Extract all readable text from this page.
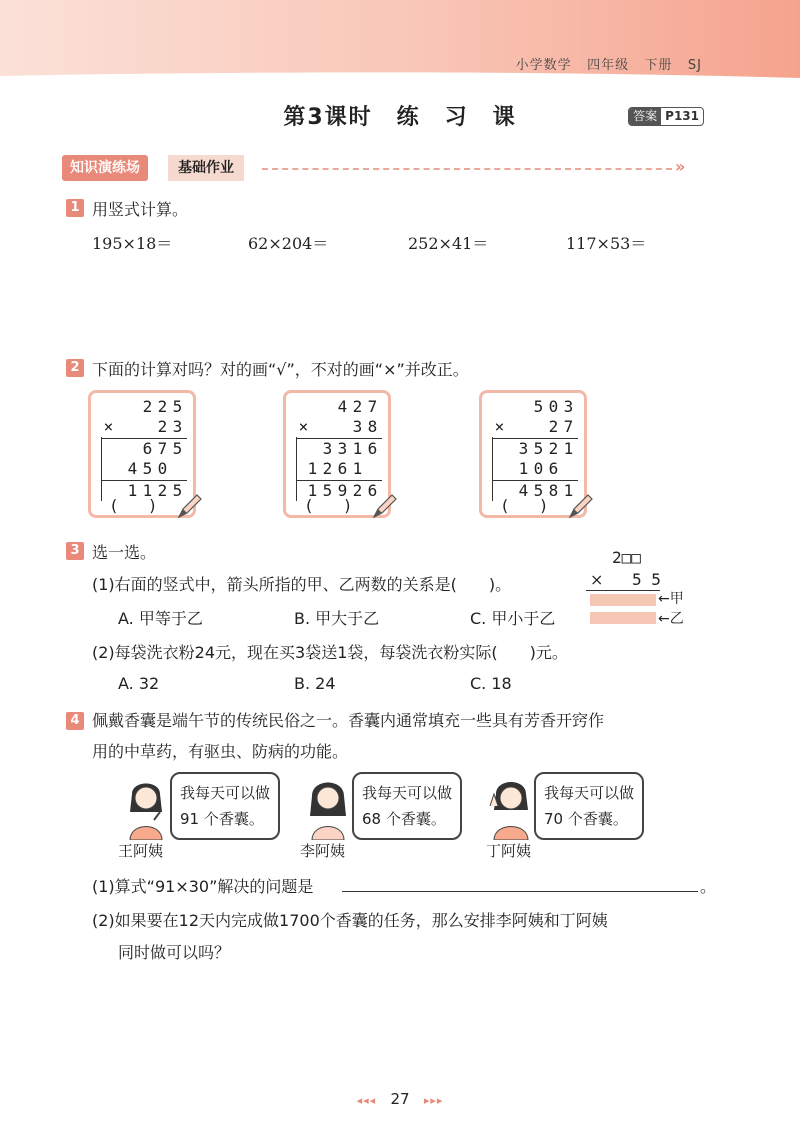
小学数学 四年级 下册 SJ
第3课时　练　习　课	答案 P131
知识演练场	基础作业	»
1 用竖式计算。
195×18＝	62×204＝	252×41＝	117×53＝
2 下面的计算对吗？对的画“√”，不对的画“×”并改正。
2 2 5
×	2 3
6 7 5
4 5 0
1 1 2 5
(　　)
4 2 7
×	3 8
3 3 1 6
1 2 6 1
1 5 9 2 6
(　　)
5 0 3
×	2 7
3 5 2 1
1 0 6
4 5 8 1
(　　)
3 选一选。
(1)右面的竖式中，箭头所指的甲、乙两数的关系是(　　)。
A. 甲等于乙	B. 甲大于乙	C. 甲小于乙
(2)每袋洗衣粉24元，现在买3袋送1袋，每袋洗衣粉实际(　　)元。
A. 32	B. 24	C. 18
2□□
× 5 5
←甲
←乙
4 佩戴香囊是端午节的传统民俗之一。香囊内通常填充一些具有芳香开窍作
用的中草药，有驱虫、防病的功能。
我每天可以做
91 个香囊。
王阿姨
我每天可以做
68 个香囊。
李阿姨
我每天可以做
70 个香囊。
丁阿姨
(1)算式“91×30”解决的问题是	。
(2)如果要在12天内完成做1700个香囊的任务，那么安排李阿姨和丁阿姨
同时做可以吗？
◂◂◂ 27 ▸▸▸
